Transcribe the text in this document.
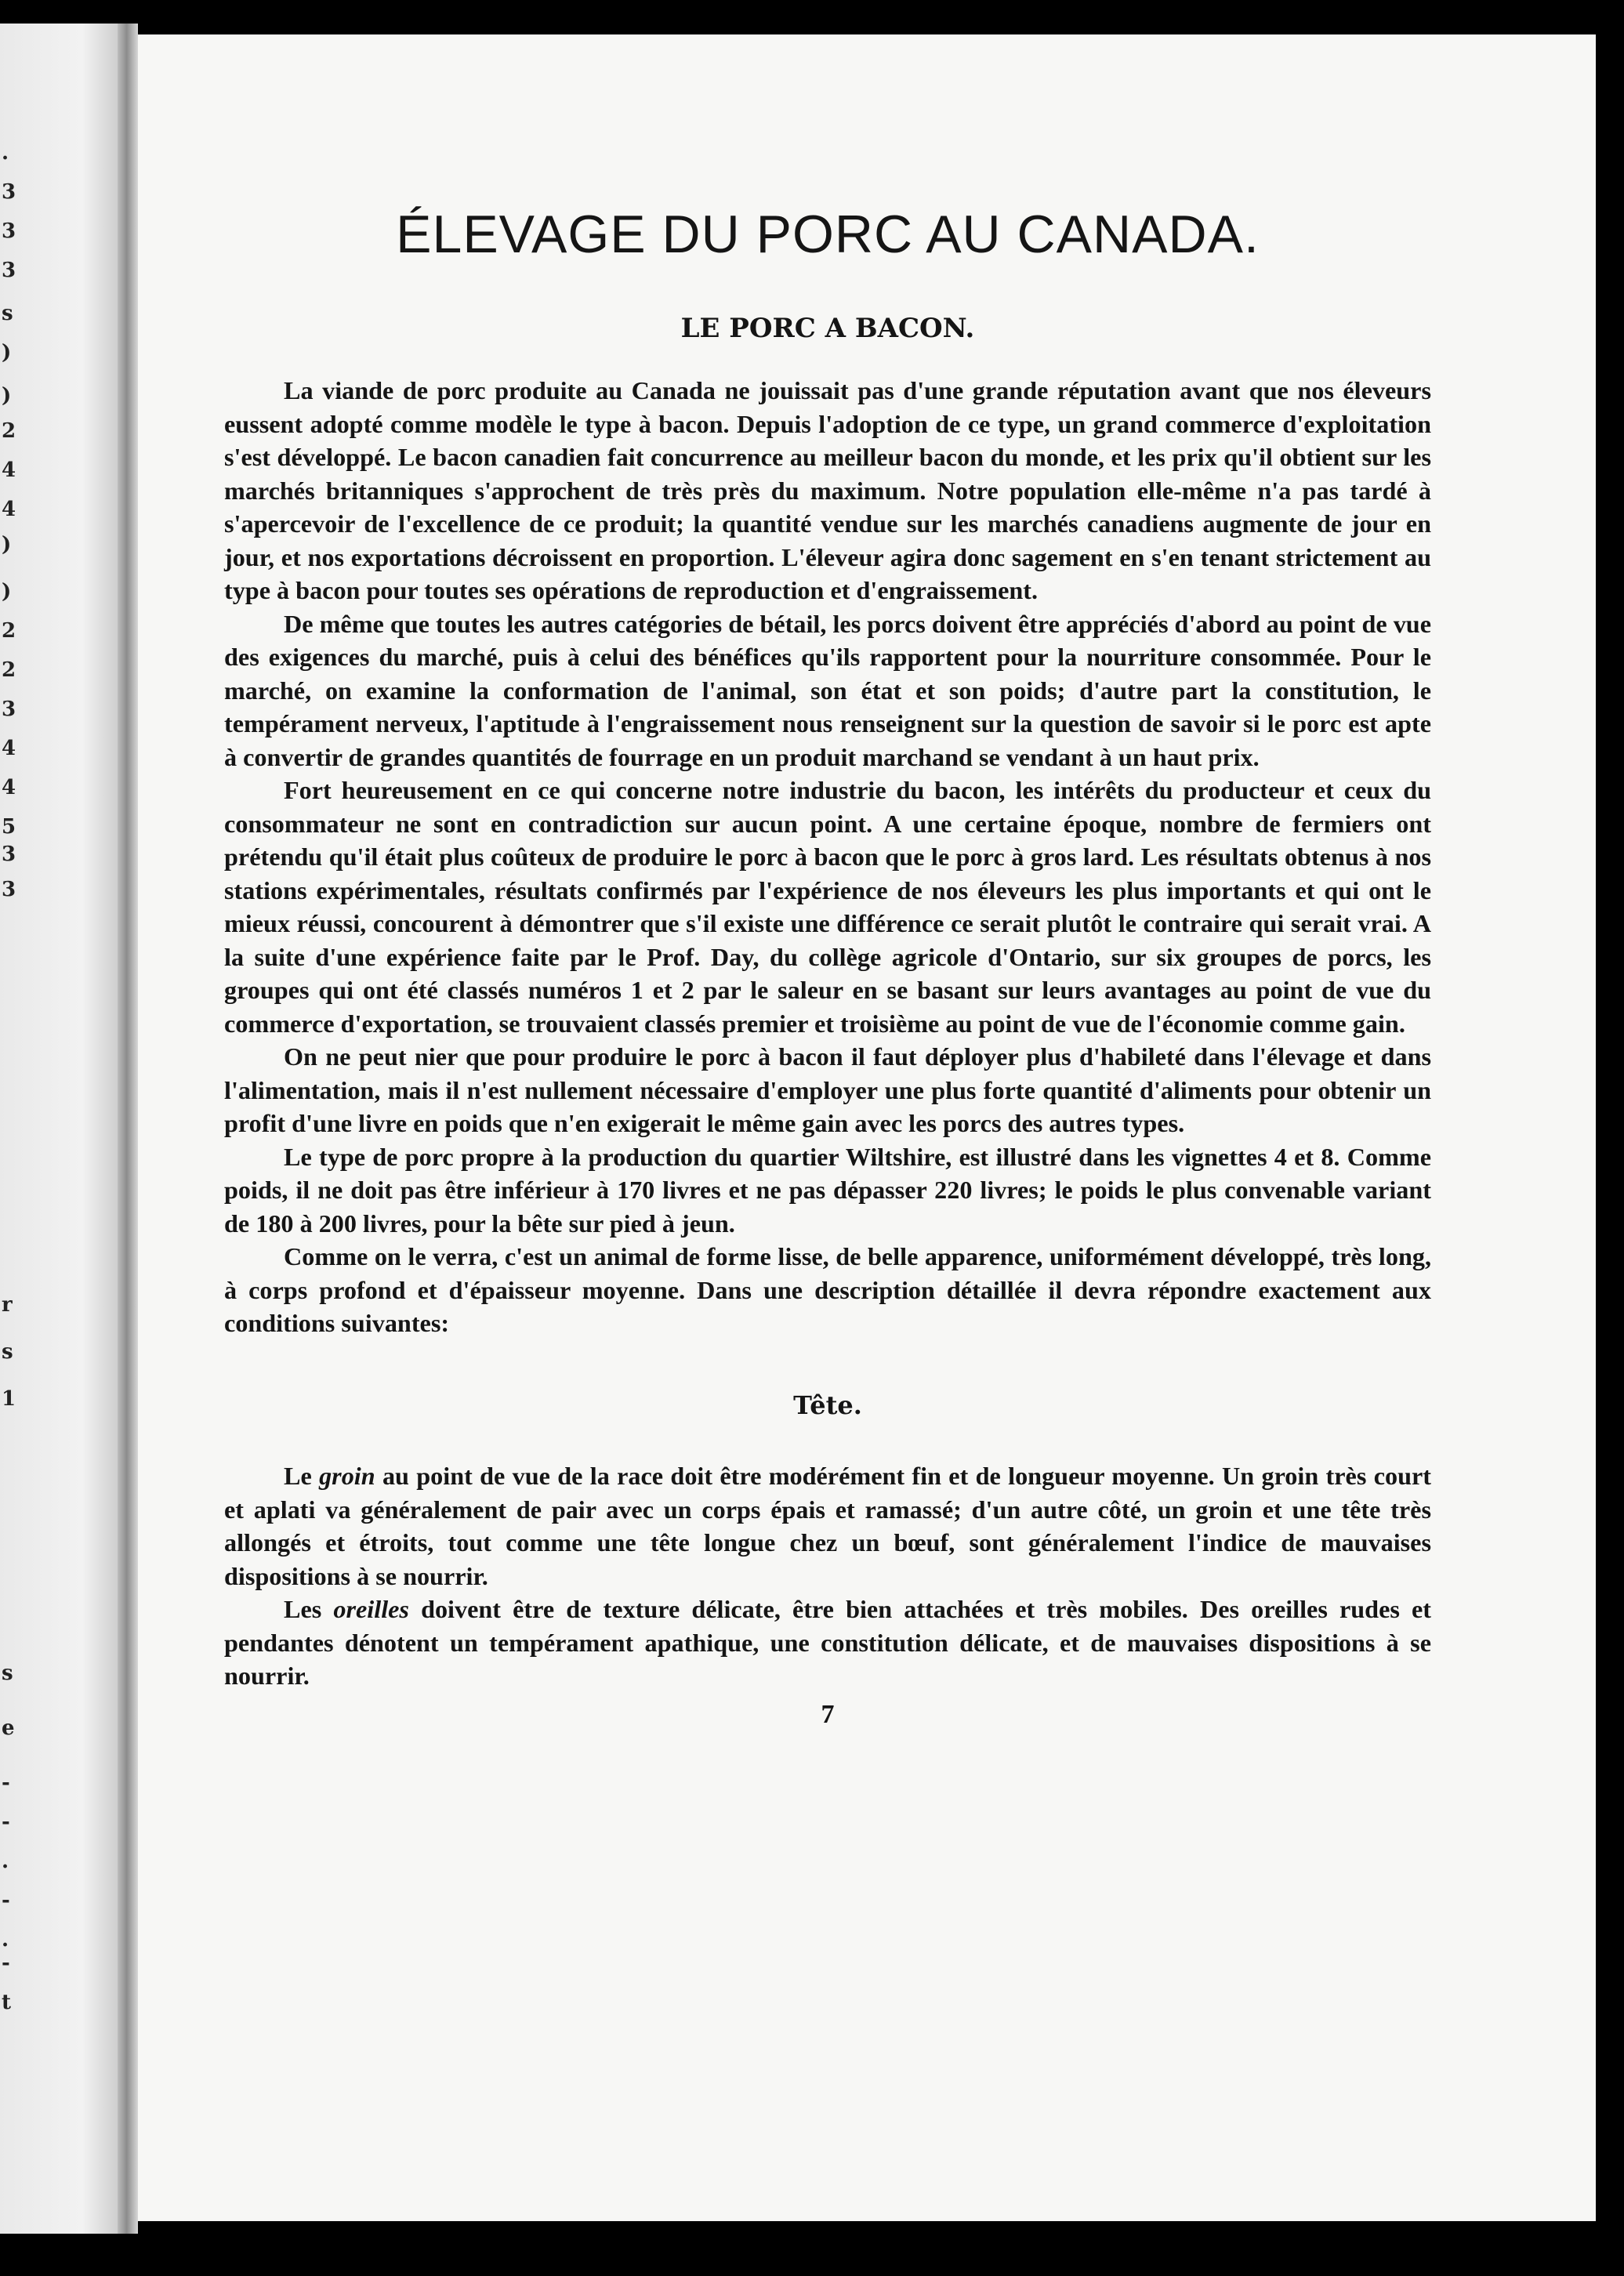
.
3
3
3
s
)
)
2
4
4
)
)
2
2
3
4
4
5
3
3
r
s
1
s
e
-
-
.
-
.
-
t
ÉLEVAGE DU PORC AU CANADA.
LE PORC A BACON.

La viande de porc produite au Canada ne jouissait pas d'une grande réputation avant que nos éleveurs eussent adopté comme modèle le type à bacon. Depuis l'adoption de ce type, un grand commerce d'exploitation s'est développé. Le bacon canadien fait concurrence au meilleur bacon du monde, et les prix qu'il obtient sur les marchés britanniques s'approchent de très près du maximum. Notre population elle-même n'a pas tardé à s'apercevoir de l'excellence de ce produit; la quantité vendue sur les marchés canadiens augmente de jour en jour, et nos exportations décroissent en proportion. L'éleveur agira donc sagement en s'en tenant strictement au type à bacon pour toutes ses opérations de reproduction et d'engraissement.

De même que toutes les autres catégories de bétail, les porcs doivent être appréciés d'abord au point de vue des exigences du marché, puis à celui des bénéfices qu'ils rapportent pour la nourriture consommée. Pour le marché, on examine la conformation de l'animal, son état et son poids; d'autre part la constitution, le tempérament nerveux, l'aptitude à l'engraissement nous renseignent sur la question de savoir si le porc est apte à convertir de grandes quantités de fourrage en un produit marchand se vendant à un haut prix.

Fort heureusement en ce qui concerne notre industrie du bacon, les intérêts du producteur et ceux du consommateur ne sont en contradiction sur aucun point. A une certaine époque, nombre de fermiers ont prétendu qu'il était plus coûteux de produire le porc à bacon que le porc à gros lard. Les résultats obtenus à nos stations expérimentales, résultats confirmés par l'expérience de nos éleveurs les plus importants et qui ont le mieux réussi, concourent à démontrer que s'il existe une différence ce serait plutôt le contraire qui serait vrai. A la suite d'une expérience faite par le Prof. Day, du collège agricole d'Ontario, sur six groupes de porcs, les groupes qui ont été classés numéros 1 et 2 par le saleur en se basant sur leurs avantages au point de vue du commerce d'exportation, se trouvaient classés premier et troisième au point de vue de l'économie comme gain.

On ne peut nier que pour produire le porc à bacon il faut déployer plus d'habileté dans l'élevage et dans l'alimentation, mais il n'est nullement nécessaire d'employer une plus forte quantité d'aliments pour obtenir un profit d'une livre en poids que n'en exigerait le même gain avec les porcs des autres types.

Le type de porc propre à la production du quartier Wiltshire, est illustré dans les vignettes 4 et 8. Comme poids, il ne doit pas être inférieur à 170 livres et ne pas dépasser 220 livres; le poids le plus convenable variant de 180 à 200 livres, pour la bête sur pied à jeun.

Comme on le verra, c'est un animal de forme lisse, de belle apparence, uniformément développé, très long, à corps profond et d'épaisseur moyenne. Dans une description détaillée il devra répondre exactement aux conditions suivantes:

Tête.

Le groin au point de vue de la race doit être modérément fin et de longueur moyenne. Un groin très court et aplati va généralement de pair avec un corps épais et ramassé; d'un autre côté, un groin et une tête très allongés et étroits, tout comme une tête longue chez un bœuf, sont généralement l'indice de mauvaises dispositions à se nourrir.

Les oreilles doivent être de texture délicate, être bien attachées et très mobiles. Des oreilles rudes et pendantes dénotent un tempérament apathique, une constitution délicate, et de mauvaises dispositions à se nourrir.

7
